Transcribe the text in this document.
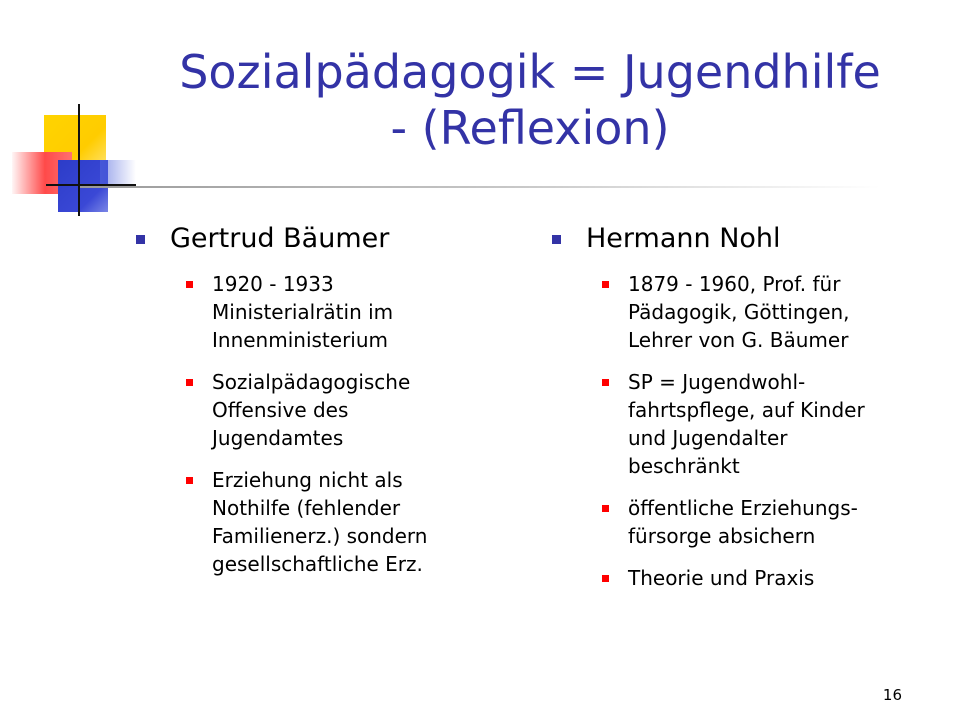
Sozialpädagogik = Jugendhilfe
- (Reflexion)
Gertrud Bäumer
1920 - 1933
Ministerialrätin im
Innenministerium
Sozialpädagogische
Offensive des
Jugendamtes
Erziehung nicht als
Nothilfe (fehlender
Familienerz.) sondern
gesellschaftliche Erz.
Hermann Nohl
1879 - 1960, Prof. für
Pädagogik, Göttingen,
Lehrer von G. Bäumer
SP = Jugendwohl-
fahrtspflege, auf Kinder
und Jugendalter
beschränkt
öffentliche Erziehungs-
fürsorge absichern
Theorie und Praxis
16
